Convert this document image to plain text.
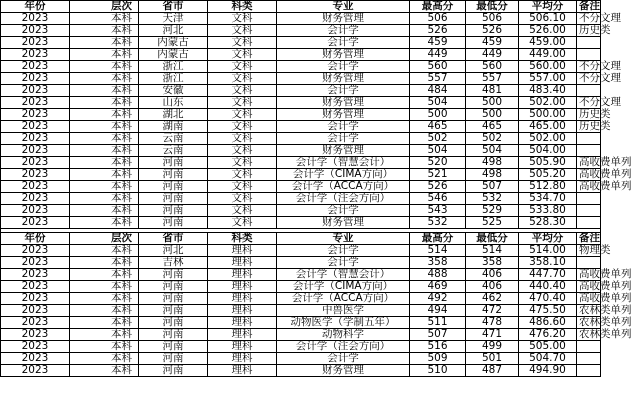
年份	层次	省市	科类	专业	最高分	最低分	平均分	备注
2023	本科	天津	文科	财务管理	506	506	506.10	不分文理
2023	本科	河北	文科	会计学	526	526	526.00	历史类
2023	本科	内蒙古	文科	会计学	459	459	459.00	
2023	本科	内蒙古	文科	财务管理	449	449	449.00	
2023	本科	浙江	文科	会计学	560	560	560.00	不分文理
2023	本科	浙江	文科	财务管理	557	557	557.00	不分文理
2023	本科	安徽	文科	会计学	484	481	483.40	
2023	本科	山东	文科	财务管理	504	500	502.00	不分文理
2023	本科	湖北	文科	财务管理	500	500	500.00	历史类
2023	本科	湖南	文科	会计学	465	465	465.00	历史类
2023	本科	云南	文科	会计学	502	502	502.00	
2023	本科	云南	文科	财务管理	504	504	504.00	
2023	本科	河南	文科	会计学（智慧会计）	520	498	505.90	高收费单列
2023	本科	河南	文科	会计学（CIMA方向）	521	498	505.20	高收费单列
2023	本科	河南	文科	会计学（ACCA方向）	526	507	512.80	高收费单列
2023	本科	河南	文科	会计学（注会方向）	546	532	534.70	
2023	本科	河南	文科	会计学	543	529	533.80	
2023	本科	河南	文科	财务管理	532	525	528.30	

年份	层次	省市	科类	专业	最高分	最低分	平均分	备注
2023	本科	河北	理科	会计学	514	514	514.00	物理类
2023	本科	吉林	理科	会计学	358	358	358.10	
2023	本科	河南	理科	会计学（智慧会计）	488	406	447.70	高收费单列
2023	本科	河南	理科	会计学（CIMA方向）	469	406	440.40	高收费单列
2023	本科	河南	理科	会计学（ACCA方向）	492	462	470.40	高收费单列
2023	本科	河南	理科	中兽医学	494	472	475.50	农林类单列
2023	本科	河南	理科	动物医学（学制五年）	511	478	486.60	农林类单列
2023	本科	河南	理科	动物科学	507	471	476.20	农林类单列
2023	本科	河南	理科	会计学（注会方向）	516	499	505.00	
2023	本科	河南	理科	会计学	509	501	504.70	
2023	本科	河南	理科	财务管理	510	487	494.90	
